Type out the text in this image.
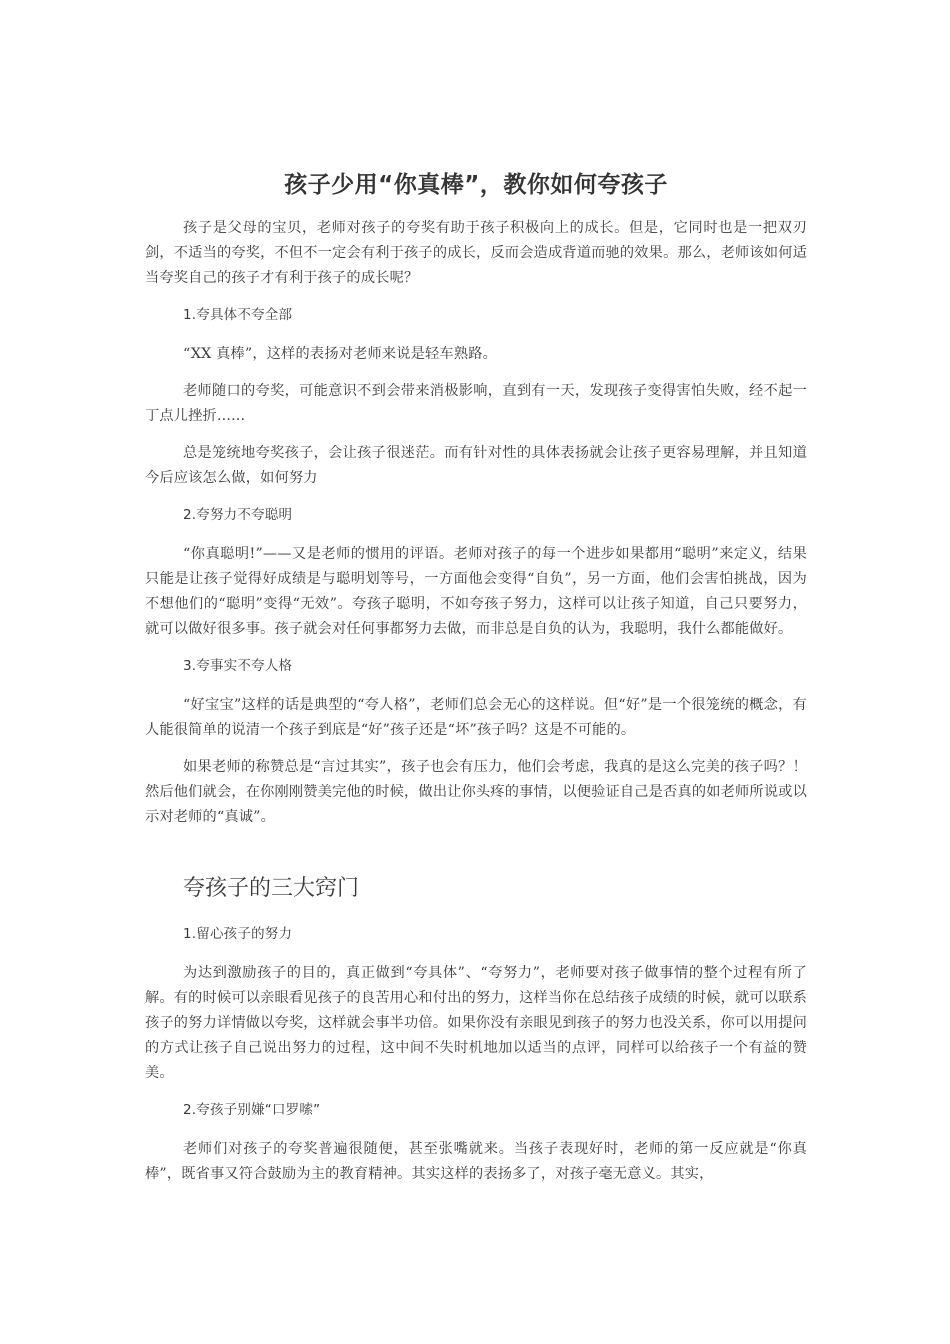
孩子少用“你真棒”，教你如何夸孩子

孩子是父母的宝贝，老师对孩子的夸奖有助于孩子积极向上的成长。但是，它同时也是一把双刃剑，不适当的夸奖，不但不一定会有利于孩子的成长，反而会造成背道而驰的效果。那么，老师该如何适当夸奖自己的孩子才有利于孩子的成长呢？

1.夸具体不夸全部

“XX 真棒”，这样的表扬对老师来说是轻车熟路。

老师随口的夸奖，可能意识不到会带来消极影响，直到有一天，发现孩子变得害怕失败，经不起一丁点儿挫折......

总是笼统地夸奖孩子，会让孩子很迷茫。而有针对性的具体表扬就会让孩子更容易理解，并且知道今后应该怎么做，如何努力

2.夸努力不夸聪明

“你真聪明!”——又是老师的惯用的评语。老师对孩子的每一个进步如果都用“聪明”来定义，结果只能是让孩子觉得好成绩是与聪明划等号，一方面他会变得“自负”，另一方面，他们会害怕挑战，因为不想他们的“聪明”变得“无效”。夸孩子聪明，不如夸孩子努力，这样可以让孩子知道，自己只要努力，就可以做好很多事。孩子就会对任何事都努力去做，而非总是自负的认为，我聪明，我什么都能做好。

3.夸事实不夸人格

“好宝宝”这样的话是典型的“夸人格”，老师们总会无心的这样说。但“好”是一个很笼统的概念，有人能很简单的说清一个孩子到底是“好”孩子还是“坏”孩子吗？这是不可能的。

如果老师的称赞总是“言过其实”，孩子也会有压力，他们会考虑，我真的是这么完美的孩子吗？！然后他们就会，在你刚刚赞美完他的时候，做出让你头疼的事情，以便验证自己是否真的如老师所说或以示对老师的“真诚”。

夸孩子的三大窍门

1.留心孩子的努力

为达到激励孩子的目的，真正做到“夸具体”、“夸努力”，老师要对孩子做事情的整个过程有所了解。有的时候可以亲眼看见孩子的良苦用心和付出的努力，这样当你在总结孩子成绩的时候，就可以联系孩子的努力详情做以夸奖，这样就会事半功倍。如果你没有亲眼见到孩子的努力也没关系，你可以用提问的方式让孩子自己说出努力的过程，这中间不失时机地加以适当的点评，同样可以给孩子一个有益的赞美。

2.夸孩子别嫌“口罗嗦”

老师们对孩子的夸奖普遍很随便，甚至张嘴就来。当孩子表现好时，老师的第一反应就是“你真棒”，既省事又符合鼓励为主的教育精神。其实这样的表扬多了，对孩子毫无意义。其实，
